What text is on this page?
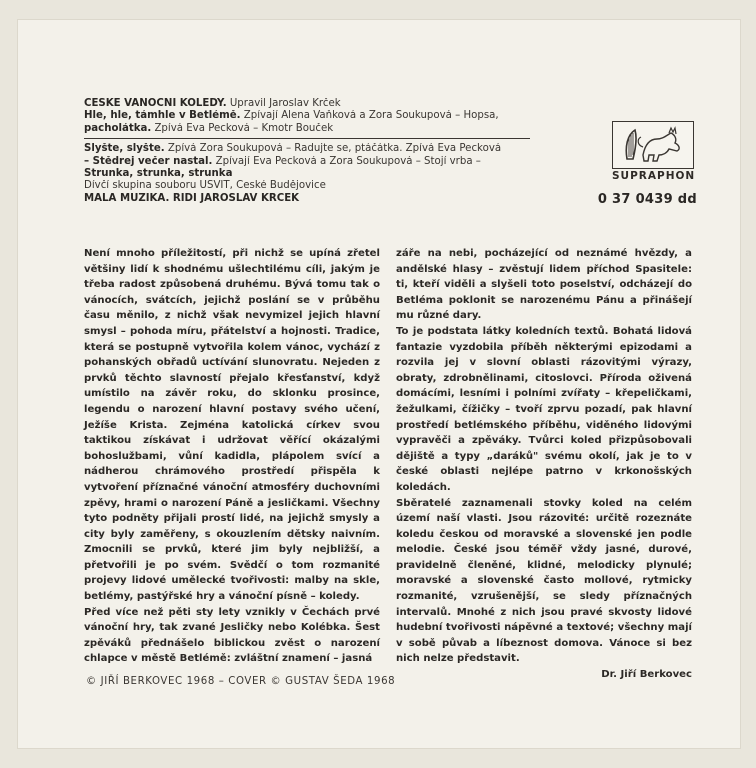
ČESKÉ VÁNOČNÍ KOLEDY. Upravil Jaroslav Krček
Hle, hle, támhle v Betlémě. Zpívají Alena Vaňková a Zora Soukupová – Hopsa,
pacholátka. Zpívá Eva Pecková – Kmotr Bouček
Slyšte, slyšte. Zpívá Zora Soukupová – Radujte se, ptáčátka. Zpívá Eva Pecková
– Štědrej večer nastal. Zpívají Eva Pecková a Zora Soukupová – Stojí vrba –
Strunka, strunka, strunka
Dívčí skupina souboru ÚSVIT, České Budějovice
MALÁ MUZIKA. ŘÍDÍ JAROSLAV KRČEK
SUPRAPHON
0 37 0439 dd

Není mnoho příležitostí, při nichž se upíná zřetel většiny lidí k shodnému ušlechtilému cíli, jakým je třeba radost způsobená druhému. Bývá tomu tak o vánocích, svátcích, jejichž poslání se v průběhu času měnilo, z nichž však nevymizel jejich hlavní smysl – pohoda míru, přátelství a hojnosti. Tradice, která se postupně vytvořila kolem vánoc, vychází z pohanských obřadů uctívání slunovratu. Nejeden z prvků těchto slavností přejalo křesťanství, když umístilo na závěr roku, do sklonku prosince, legendu o narození hlavní postavy svého učení, Ježíše Krista. Zejména katolická církev svou taktikou získávat i udržovat věřící okázalými bohoslužbami, vůní kadidla, plápolem svící a nádherou chrámového prostředí přispěla k vytvoření příznačné vánoční atmosféry duchovními zpěvy, hrami o narození Páně a jesličkami. Všechny tyto podněty přijali prostí lidé, na jejichž smysly a city byly zaměřeny, s okouzlením dětsky naivním. Zmocnili se prvků, které jim byly nejbližší, a přetvořili je po svém. Svědčí o tom rozmanité projevy lidové umělecké tvořivosti: malby na skle, betlémy, pastýřské hry a vánoční písně – koledy.

Před více než pěti sty lety vznikly v Čechách prvé vánoční hry, tak zvané Jesličky nebo Kolébka. Šest zpěváků přednášelo biblickou zvěst o narození chlapce v městě Betlémě: zvláštní znamení – jasná

záře na nebi, pocházející od neznámé hvězdy, a andělské hlasy – zvěstují lidem příchod Spasitele: ti, kteří viděli a slyšeli toto poselství, odcházejí do Betléma poklonit se narozenému Pánu a přinášejí mu různé dary.

To je podstata látky koledních textů. Bohatá lidová fantazie vyzdobila příběh některými epizodami a rozvila jej v slovní oblasti rázovitými výrazy, obraty, zdrobnělinami, citoslovci. Příroda oživená domácími, lesními i polními zvířaty – křepeličkami, žežulkami, čížičky – tvoří zprvu pozadí, pak hlavní prostředí betlémského příběhu, viděného lidovými vypravěči a zpěváky. Tvůrci koled přizpůsobovali dějiště a typy „daráků" svému okolí, jak je to v české oblasti nejlépe patrno v krkonošských koledách.

Sběratelé zaznamenali stovky koled na celém území naší vlasti. Jsou rázovité: určitě rozeznáte koledu českou od moravské a slovenské jen podle melodie. České jsou téměř vždy jasné, durové, pravidelně členěné, klidné, melodicky plynulé; moravské a slovenské často mollové, rytmicky rozmanité, vzrušenější, se sledy příznačných intervalů. Mnohé z nich jsou pravé skvosty lidové hudební tvořivosti nápěvné a textové; všechny mají v sobě půvab a líbeznost domova. Vánoce si bez nich nelze představit.

Dr. Jiří Berkovec
© JIŘÍ BERKOVEC 1968 – COVER © GUSTAV ŠEDA 1968
